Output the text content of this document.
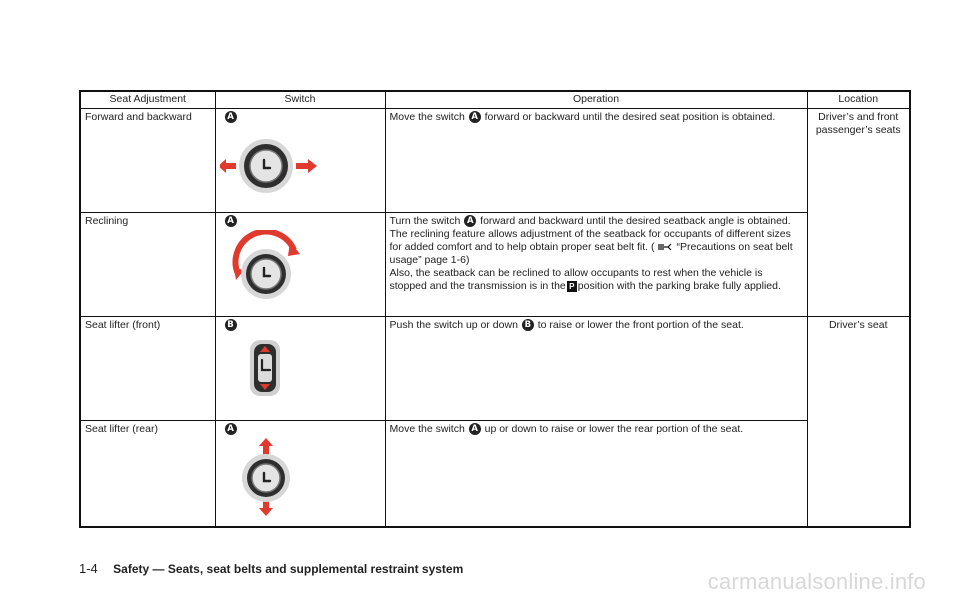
Seat Adjustment	Switch	Operation	Location
Forward and backward	A	Move the switch A forward or backward until the desired seat position is obtained.	Driver’s and front passenger’s seats
Reclining	A	Turn the switch A forward and backward until the desired seatback angle is obtained.
The reclining feature allows adjustment of the seatback for occupants of different sizes for added comfort and to help obtain proper seat belt fit. ( “Precautions on seat belt usage” page 1-6)
Also, the seatback can be reclined to allow occupants to rest when the vehicle is stopped and the transmission is in the P position with the parking brake fully applied.	
Seat lifter (front)	B	Push the switch up or down B to raise or lower the front portion of the seat.	Driver’s seat
Seat lifter (rear)	A	Move the switch A up or down to raise or lower the rear portion of the seat.	
1-4 Safety — Seats, seat belts and supplemental restraint system	carmanualsonline.info
